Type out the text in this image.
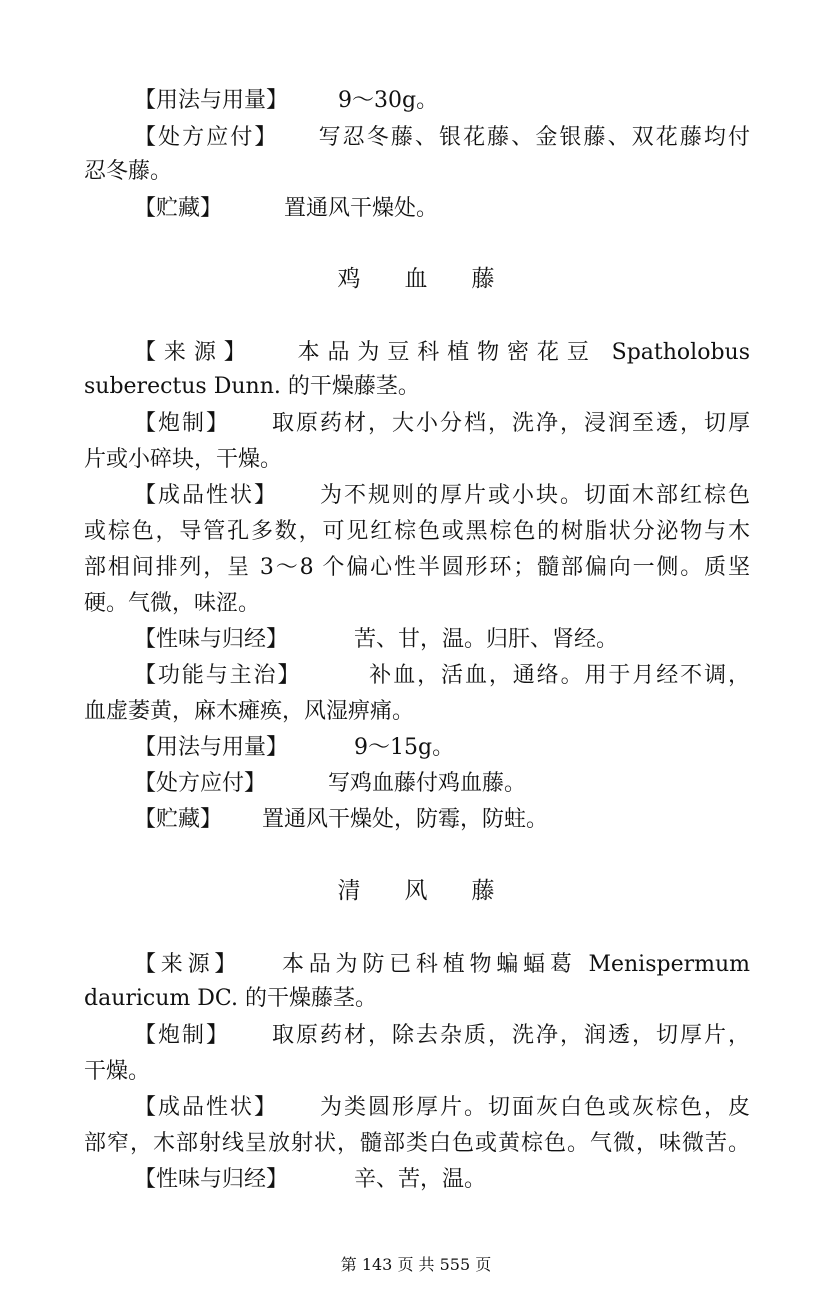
【用法与用量】 9～30g。
【处方应付】 写忍冬藤、银花藤、金银藤、双花藤均付
忍冬藤。
【贮藏】	置通风干燥处。
鸡 血 藤
【来源】 本品为豆科植物密花豆 Spatholobus
suberectus Dunn. 的干燥藤茎。
【炮制】 取原药材，大小分档，洗净，浸润至透，切厚
片或小碎块，干燥。
【成品性状】 为不规则的厚片或小块。切面木部红棕色
或棕色，导管孔多数，可见红棕色或黑棕色的树脂状分泌物与木
部相间排列，呈 3～8 个偏心性半圆形环；髓部偏向一侧。质坚
硬。气微，味涩。
【性味与归经】	苦、甘，温。归肝、肾经。
【功能与主治】	补血，活血，通络。用于月经不调，
血虚萎黄，麻木瘫痪，风湿痹痛。
【用法与用量】	9～15g。
【处方应付】	写鸡血藤付鸡血藤。
【贮藏】 置通风干燥处，防霉，防蛀。
清 风 藤
【来源】 本品为防已科植物蝙蝠葛 Menispermum
dauricum DC. 的干燥藤茎。
【炮制】 取原药材，除去杂质，洗净，润透，切厚片，
干燥。
【成品性状】 为类圆形厚片。切面灰白色或灰棕色，皮
部窄，木部射线呈放射状，髓部类白色或黄棕色。气微，味微苦。
【性味与归经】	辛、苦，温。
第 143 页 共 555 页
